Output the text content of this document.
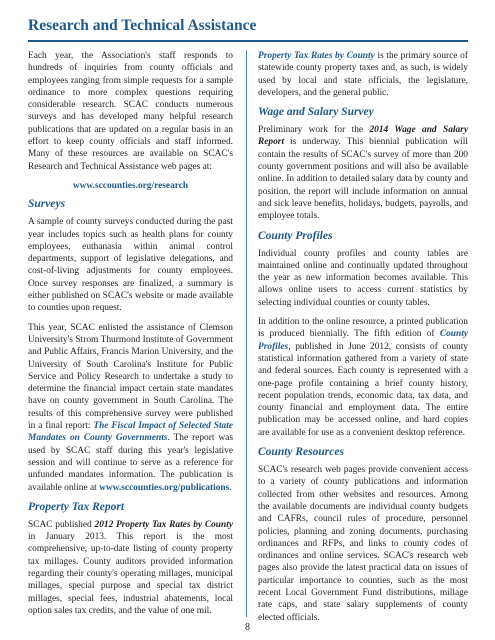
Research and Technical Assistance

Each year, the Association's staff responds to hundreds of inquiries from county officials and employees ranging from simple requests for a sample ordinance to more complex questions requiring considerable research. SCAC conducts numerous surveys and has developed many helpful research publications that are updated on a regular basis in an effort to keep county officials and staff informed. Many of these resources are available on SCAC's Research and Technical Assistance web pages at:

www.sccounties.org/research
Surveys

A sample of county surveys conducted during the past year includes topics such as health plans for county employees, euthanasia within animal control departments, support of legislative delegations, and cost-of-living adjustments for county employees. Once survey responses are finalized, a summary is either published on SCAC's website or made available to counties upon request.

This year, SCAC enlisted the assistance of Clemson University's Strom Thurmond Institute of Government and Public Affairs, Francis Marion University, and the University of South Carolina's Institute for Public Service and Policy Research to undertake a study to determine the financial impact certain state mandates have on county government in South Carolina. The results of this comprehensive survey were published in a final report: The Fiscal Impact of Selected State Mandates on County Governments. The report was used by SCAC staff during this year's legislative session and will continue to serve as a reference for unfunded mandates information. The publication is available online at www.sccounties.org/publications.

Property Tax Report

SCAC published 2012 Property Tax Rates by County in January 2013. This report is the most comprehensive, up-to-date listing of county property tax millages. County auditors provided information regarding their county's operating millages, municipal millages, special purpose and special tax district millages, special fees, industrial abatements, local option sales tax credits, and the value of one mil.

Property Tax Rates by County is the primary source of statewide county property taxes and, as such, is widely used by local and state officials, the legislature, developers, and the general public.

Wage and Salary Survey

Preliminary work for the 2014 Wage and Salary Report is underway. This biennial publication will contain the results of SCAC's survey of more than 200 county government positions and will also be available online. In addition to detailed salary data by county and position, the report will include information on annual and sick leave benefits, holidays, budgets, payrolls, and employee totals.

County Profiles

Individual county profiles and county tables are maintained online and continually updated throughout the year as new information becomes available. This allows online users to access current statistics by selecting individual counties or county tables.

In addition to the online resource, a printed publication is produced biennially. The fifth edition of County Profiles, published in June 2012, consists of county statistical information gathered from a variety of state and federal sources. Each county is represented with a one-page profile containing a brief county history, recent population trends, economic data, tax data, and county financial and employment data. The entire publication may be accessed online, and hard copies are available for use as a convenient desktop reference.

County Resources

SCAC's research web pages provide convenient access to a variety of county publications and information collected from other websites and resources. Among the available documents are individual county budgets and CAFRs, council rules of procedure, personnel policies, planning and zoning documents, purchasing ordinances and RFPs, and links to county codes of ordinances and online services. SCAC's research web pages also provide the latest practical data on issues of particular importance to counties, such as the most recent Local Government Fund distributions, millage rate caps, and state salary supplements of county elected officials.

8
